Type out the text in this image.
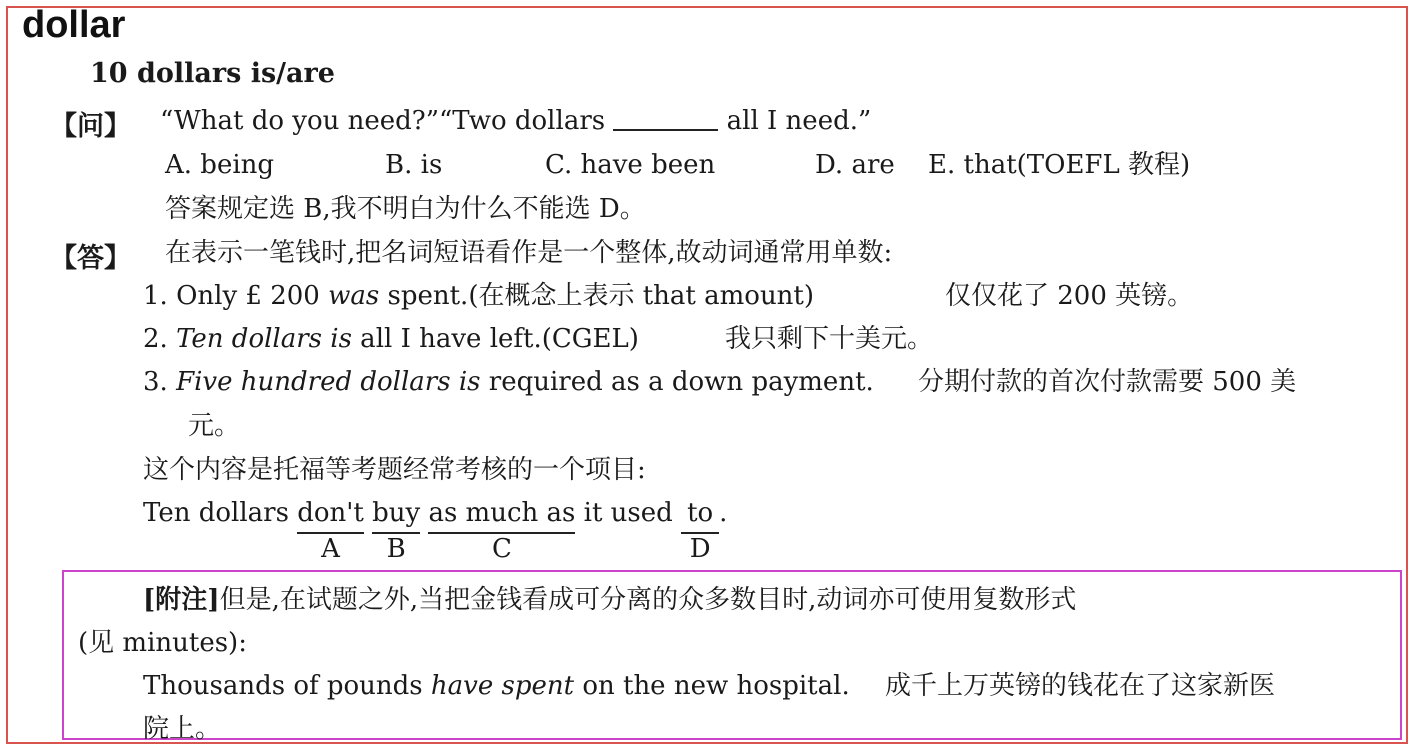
dollar
10 dollars is/are
【问】 “What do you need?”“Two dollars	all I need.”
A. being	B. is	C. have been	D. are E. that(TOEFL 教程)
答案规定选 B,我不明白为什么不能选 D。
【答】 在表示一笔钱时,把名词短语看作是一个整体,故动词通常用单数:
1. Only £ 200 was spent.(在概念上表示 that amount)	仅仅花了 200 英镑。
2. Ten dollars is all I have left.(CGEL)	我只剩下十美元。
3. Five hundred dollars is required as a down payment. 分期付款的首次付款需要 500 美
元。
这个内容是托福等考题经常考核的一个项目:
Ten dollars don't
A
buy
B
as much as
C
it used to
D
.
[附注]但是,在试题之外,当把金钱看成可分离的众多数目时,动词亦可使用复数形式
(见 minutes):
Thousands of pounds have spent on the new hospital. 成千上万英镑的钱花在了这家新医
院上。
